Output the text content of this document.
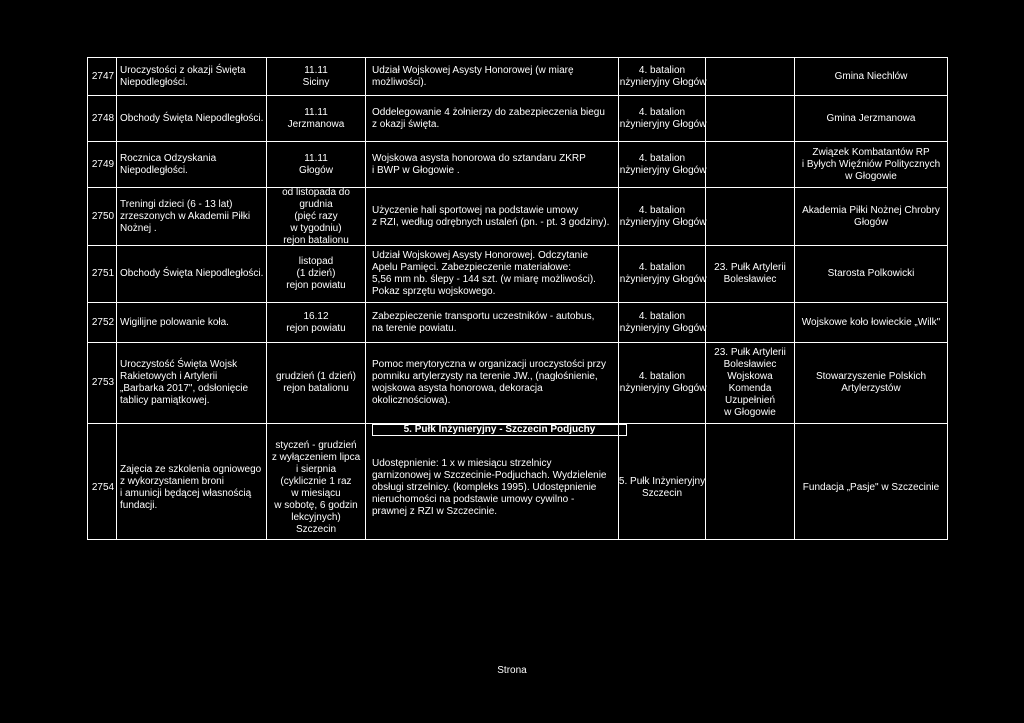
5. Pułk Inżynieryjny - Szczecin Podjuchy
2747
Uroczystości z okazji Święta
Niepodległości.
11.11
Siciny
Udział Wojskowej Asysty Honorowej (w miarę
możliwości).
4. batalion
inżynieryjny Głogów
Gmina Niechlów
2748 Obchody Święta Niepodległości.
11.11
Jerzmanowa
Oddelegowanie 4 żołnierzy do zabezpieczenia biegu
z okazji święta.
4. batalion
inżynieryjny Głogów
Gmina Jerzmanowa
2749
Rocznica Odzyskania
Niepodległości.
11.11
Głogów
Wojskowa asysta honorowa do sztandaru ZKRP
i BWP w Głogowie .
4. batalion
inżynieryjny Głogów
Związek Kombatantów RP
i Byłych Więźniów Politycznych
w Głogowie
2750
Treningi dzieci (6 - 13 lat)
zrzeszonych w Akademii Piłki
Nożnej .
od listopada do
grudnia
(pięć razy
w tygodniu)
rejon batalionu
Użyczenie hali sportowej na podstawie umowy
z RZI, według odrębnych ustaleń (pn. - pt. 3 godziny).
4. batalion
inżynieryjny Głogów
Akademia Piłki Nożnej Chrobry
Głogów
2751 Obchody Święta Niepodległości.
listopad
(1 dzień)
rejon powiatu
Udział Wojskowej Asysty Honorowej. Odczytanie
Apelu Pamięci. Zabezpieczenie materiałowe:
5,56 mm nb. ślepy - 144 szt. (w miarę możliwości).
Pokaz sprzętu wojskowego.
4. batalion
inżynieryjny Głogów
23. Pułk Artylerii
Bolesławiec
Starosta Polkowicki
2752 Wigilijne polowanie koła.
16.12
rejon powiatu
Zabezpieczenie transportu uczestników - autobus,
na terenie powiatu.
4. batalion
inżynieryjny Głogów
Wojskowe koło łowieckie „Wilk"
2753
Uroczystość Święta Wojsk
Rakietowych i Artylerii
„Barbarka 2017", odsłonięcie
tablicy pamiątkowej.
grudzień (1 dzień)
rejon batalionu
Pomoc merytoryczna w organizacji uroczystości przy
pomniku artylerzysty na terenie JW., (nagłośnienie,
wojskowa asysta honorowa, dekoracja
okolicznościowa).
4. batalion
inżynieryjny Głogów
23. Pułk Artylerii
Bolesławiec
Wojskowa
Komenda
Uzupełnień
w Głogowie
Stowarzyszenie Polskich
Artylerzystów
2754
Zajęcia ze szkolenia ogniowego
z wykorzystaniem broni
i amunicji będącej własnością
fundacji.
styczeń - grudzień
z wyłączeniem lipca
i sierpnia
(cyklicznie 1 raz
w miesiącu
w sobotę, 6 godzin
lekcyjnych)
Szczecin
Udostępnienie: 1 x w miesiącu strzelnicy
garnizonowej w Szczecinie-Podjuchach. Wydzielenie
obsługi strzelnicy. (kompleks 1995). Udostępnienie
nieruchomości na podstawie umowy cywilno -
prawnej z RZI w Szczecinie.
5. Pułk Inżynieryjny
Szczecin
Fundacja „Pasje" w Szczecinie
Strona
